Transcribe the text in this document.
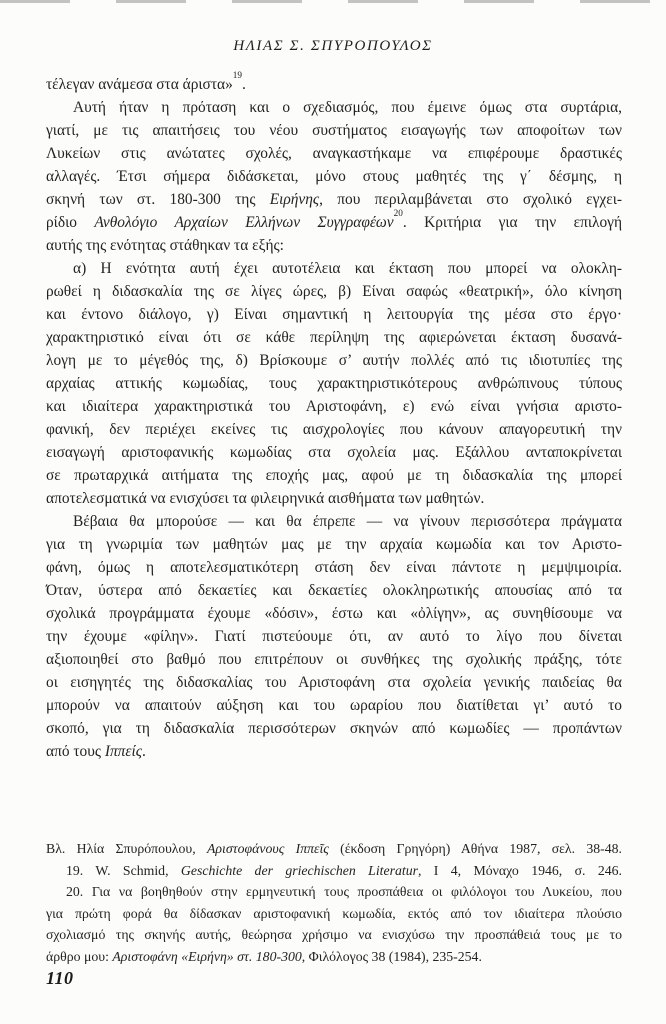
ΗΛΙΑΣ Σ. ΣΠΥΡΟΠΟΥΛΟΣ
τέλεγαν ανάμεσα στα άριστα»$^{19}$.
Αυτή ήταν η πρόταση και ο σχεδιασμός, που έμεινε όμως στα συρτάρια,
γιατί, με τις απαιτήσεις του νέου συστήματος εισαγωγής των αποφοίτων των
Λυκείων στις ανώτατες σχολές, αναγκαστήκαμε να επιφέρουμε δραστικές
αλλαγές. Έτσι σήμερα διδάσκεται, μόνο στους μαθητές της γ΄ δέσμης, η
σκηνή των στ. 180-300 της Ειρήνης, που περιλαμβάνεται στο σχολικό εγχει-
ρίδιο Ανθολόγιο Αρχαίων Ελλήνων Συγγραφέων$^{20}$. Κριτήρια για την επιλογή
αυτής της ενότητας στάθηκαν τα εξής:
α) Η ενότητα αυτή έχει αυτοτέλεια και έκταση που μπορεί να ολοκλη-
ρωθεί η διδασκαλία της σε λίγες ώρες, β) Είναι σαφώς «θεατρική», όλο κίνηση
και έντονο διάλογο, γ) Είναι σημαντική η λειτουργία της μέσα στο έργο·
χαρακτηριστικό είναι ότι σε κάθε περίληψη της αφιερώνεται έκταση δυσανά-
λογη με το μέγεθός της, δ) Βρίσκουμε σ’ αυτήν πολλές από τις ιδιοτυπίες της
αρχαίας αττικής κωμωδίας, τους χαρακτηριστικότερους ανθρώπινους τύπους
και ιδιαίτερα χαρακτηριστικά του Αριστοφάνη, ε) ενώ είναι γνήσια αριστο-
φανική, δεν περιέχει εκείνες τις αισχρολογίες που κάνουν απαγορευτική την
εισαγωγή αριστοφανικής κωμωδίας στα σχολεία μας. Εξάλλου ανταποκρίνεται
σε πρωταρχικά αιτήματα της εποχής μας, αφού με τη διδασκαλία της μπορεί
αποτελεσματικά να ενισχύσει τα φιλειρηνικά αισθήματα των μαθητών.
Βέβαια θα μπορούσε — και θα έπρεπε — να γίνουν περισσότερα πράγματα
για τη γνωριμία των μαθητών μας με την αρχαία κωμωδία και τον Αριστο-
φάνη, όμως η αποτελεσματικότερη στάση δεν είναι πάντοτε η μεμψιμοιρία.
Όταν, ύστερα από δεκαετίες και δεκαετίες ολοκληρωτικής απουσίας από τα
σχολικά προγράμματα έχουμε «δόσιν», έστω και «ὀλίγην», ας συνηθίσουμε να
την έχουμε «φίλην». Γιατί πιστεύουμε ότι, αν αυτό το λίγο που δίνεται
αξιοποιηθεί στο βαθμό που επιτρέπουν οι συνθήκες της σχολικής πράξης, τότε
οι εισηγητές της διδασκαλίας του Αριστοφάνη στα σχολεία γενικής παιδείας θα
μπορούν να απαιτούν αύξηση και του ωραρίου που διατίθεται γι’ αυτό το
σκοπό, για τη διδασκαλία περισσότερων σκηνών από κωμωδίες — προπάντων
από τους Ιππείς.
Βλ. Ηλία Σπυρόπουλου, Αριστοφάνους Ιππεῖς (έκδοση Γρηγόρη) Αθήνα 1987, σελ. 38-48.
19. W. Schmid, Geschichte der griechischen Literatur, I 4, Μόναχο 1946, σ. 246.
20. Για να βοηθηθούν στην ερμηνευτική τους προσπάθεια οι φιλόλογοι του Λυκείου, που
για πρώτη φορά θα δίδασκαν αριστοφανική κωμωδία, εκτός από τον ιδιαίτερα πλούσιο
σχολιασμό της σκηνής αυτής, θεώρησα χρήσιμο να ενισχύσω την προσπάθειά τους με το
άρθρο μου: Αριστοφάνη «Ειρήνη» στ. 180-300, Φιλόλογος 38 (1984), 235-254.
110
